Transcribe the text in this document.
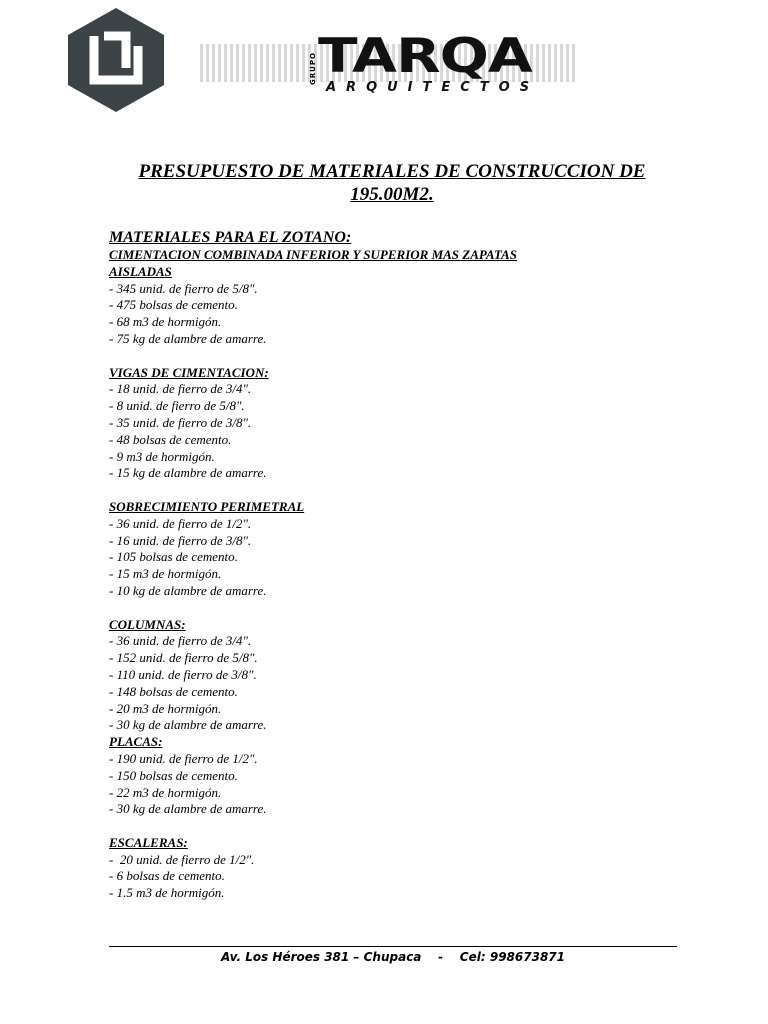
GRUPO TARQA
ARQUITECTOS
PRESUPUESTO DE MATERIALES DE CONSTRUCCION DE 195.00M2.
MATERIALES PARA EL ZOTANO:
CIMENTACION COMBINADA INFERIOR Y SUPERIOR MAS ZAPATAS
AISLADAS
- 345 unid. de fierro de 5/8".
- 475 bolsas de cemento.
- 68 m3 de hormigón.
- 75 kg de alambre de amarre.
VIGAS DE CIMENTACION:
- 18 unid. de fierro de 3/4".
- 8 unid. de fierro de 5/8".
- 35 unid. de fierro de 3/8".
- 48 bolsas de cemento.
- 9 m3 de hormigón.
- 15 kg de alambre de amarre.
SOBRECIMIENTO PERIMETRAL
- 36 unid. de fierro de 1/2".
- 16 unid. de fierro de 3/8".
- 105 bolsas de cemento.
- 15 m3 de hormigón.
- 10 kg de alambre de amarre.
COLUMNAS:
- 36 unid. de fierro de 3/4".
- 152 unid. de fierro de 5/8".
- 110 unid. de fierro de 3/8".
- 148 bolsas de cemento.
- 20 m3 de hormigón.
- 30 kg de alambre de amarre.
PLACAS:
- 190 unid. de fierro de 1/2".
- 150 bolsas de cemento.
- 22 m3 de hormigón.
- 30 kg de alambre de amarre.
ESCALERAS:
-  20 unid. de fierro de 1/2".
- 6 bolsas de cemento.
- 1.5 m3 de hormigón.
Av. Los Héroes 381 – Chupaca    -    Cel: 998673871
